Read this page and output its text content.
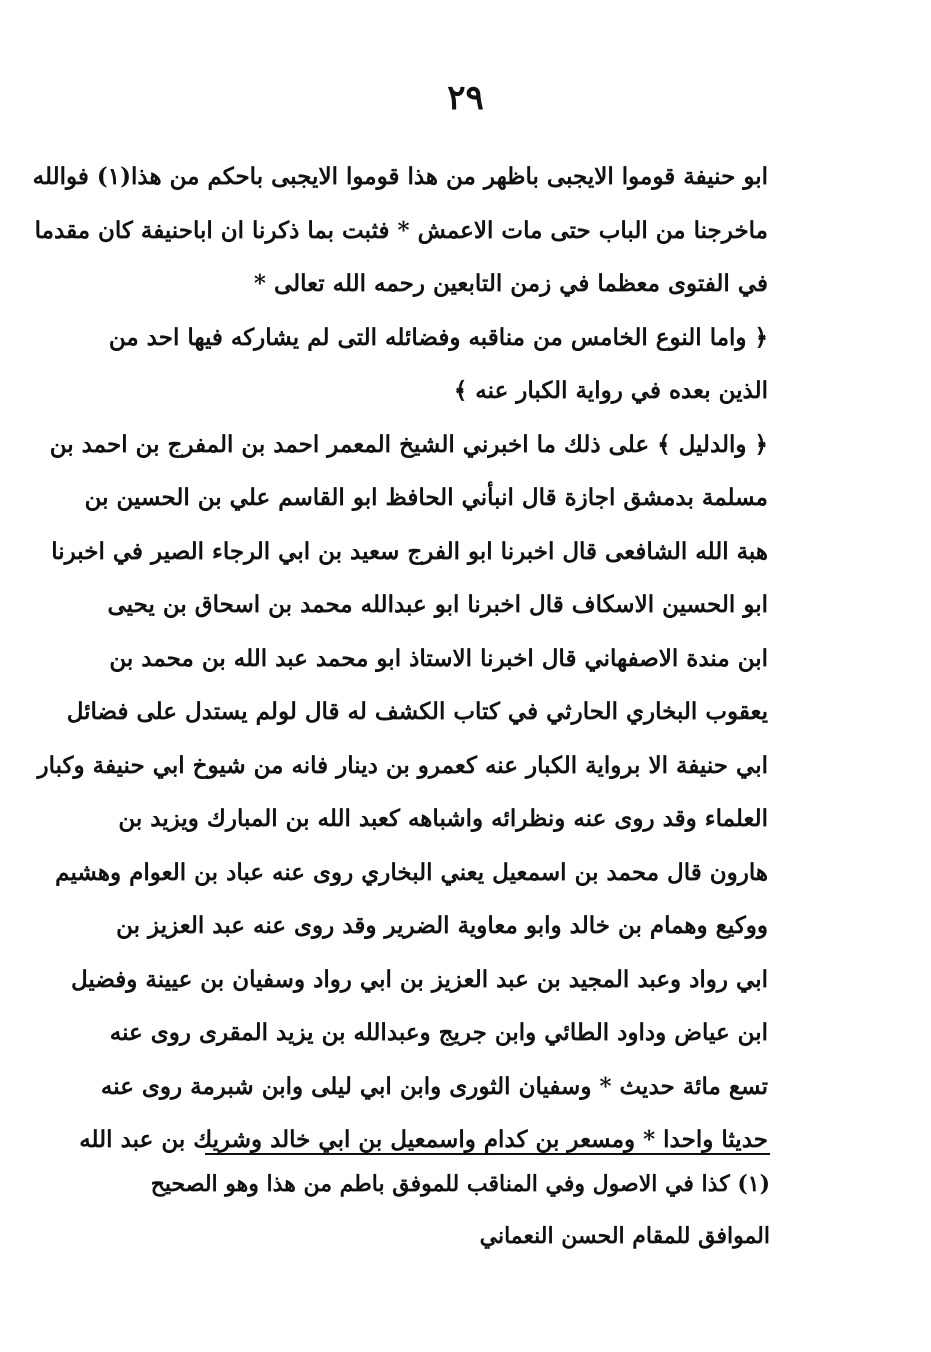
٢٩
ابو حنيفة قوموا الايجبى باظهر من هذا قوموا الايجبى باحكم من هذا(١) فوالله
ماخرجنا من الباب حتى مات الاعمش * فثبت بما ذكرنا ان اباحنيفة كان مقدما
في الفتوى معظما في زمن التابعين رحمه الله تعالى *
﴿ واما النوع الخامس من مناقبه وفضائله التى لم يشاركه فيها احد من
الذين بعده في رواية الكبار عنه ﴾
﴿ والدليل ﴾ على ذلك ما اخبرني الشيخ المعمر احمد بن المفرج بن احمد بن
مسلمة بدمشق اجازة قال انبأني الحافظ ابو القاسم علي بن الحسين بن
هبة الله الشافعى قال اخبرنا ابو الفرج سعيد بن ابي الرجاء الصير في اخبرنا
ابو الحسين الاسكاف قال اخبرنا ابو عبدالله محمد بن اسحاق بن يحيى
ابن مندة الاصفهاني قال اخبرنا الاستاذ ابو محمد عبد الله بن محمد بن
يعقوب البخاري الحارثي في كتاب الكشف له قال لولم يستدل على فضائل
ابي حنيفة الا برواية الكبار عنه كعمرو بن دينار فانه من شيوخ ابي حنيفة وكبار
العلماء وقد روى عنه ونظرائه واشباهه كعبد الله بن المبارك ويزيد بن
هارون قال محمد بن اسمعيل يعني البخاري روى عنه عباد بن العوام وهشيم
ووكيع وهمام بن خالد وابو معاوية الضرير وقد روى عنه عبد العزيز بن
ابي رواد وعبد المجيد بن عبد العزيز بن ابي رواد وسفيان بن عيينة وفضيل
ابن عياض وداود الطائي وابن جريج وعبدالله بن يزيد المقرى روى عنه
تسع مائة حديث * وسفيان الثورى وابن ابي ليلى وابن شبرمة روى عنه
حديثا واحدا * ومسعر بن كدام واسمعيل بن ابي خالد وشريك بن عبد الله
(١) كذا في الاصول وفي المناقب للموفق باطم من هذا وهو الصحيح
الموافق للمقام الحسن النعماني
